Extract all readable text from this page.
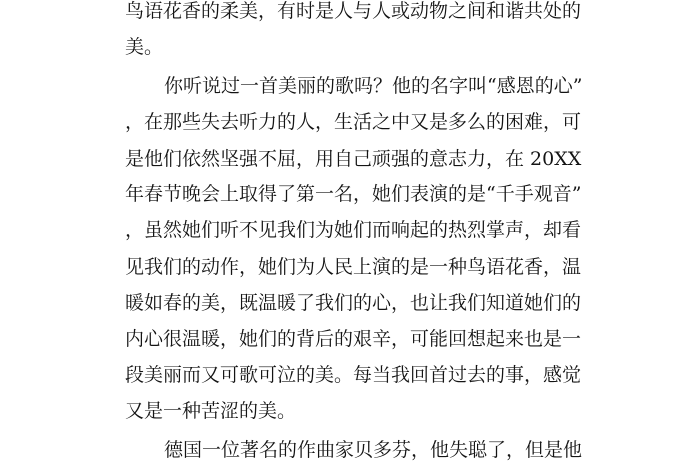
鸟语花香的柔美，有时是人与人或动物之间和谐共处的

美。

你听说过一首美丽的歌吗？他的名字叫“感恩的心”

，在那些失去听力的人，生活之中又是多么的困难，可

是他们依然坚强不屈，用自己顽强的意志力，在 20XX

年春节晚会上取得了第一名，她们表演的是“千手观音”

，虽然她们听不见我们为她们而响起的热烈掌声，却看

见我们的动作，她们为人民上演的是一种鸟语花香，温

暖如春的美，既温暖了我们的心，也让我们知道她们的

内心很温暖，她们的背后的艰辛，可能回想起来也是一

段美丽而又可歌可泣的美。每当我回首过去的事，感觉

又是一种苦涩的美。

德国一位著名的作曲家贝多芬，他失聪了，但是他
